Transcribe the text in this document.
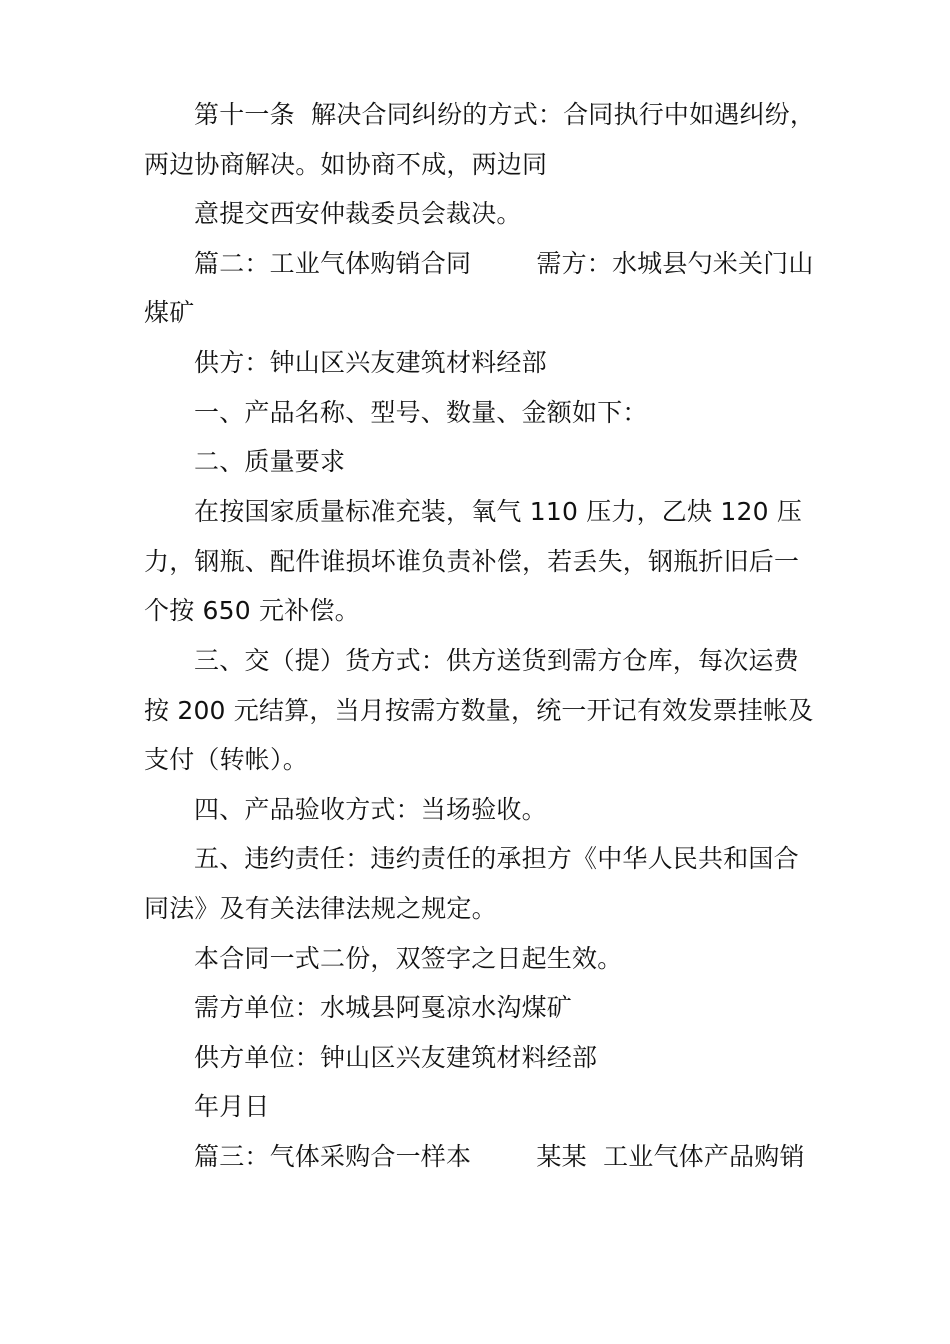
第十一条  解决合同纠纷的方式：合同执行中如遇纠纷，
两边协商解决。如协商不成，两边同
意提交西安仲裁委员会裁决。
篇二：工业气体购销合同        需方：水城县勺米关门山
煤矿
供方：钟山区兴友建筑材料经部
一、产品名称、型号、数量、金额如下：
二、质量要求
在按国家质量标准充装，氧气 110 压力，乙炔 120 压
力，钢瓶、配件谁损坏谁负责补偿，若丢失，钢瓶折旧后一
个按 650 元补偿。
三、交（提）货方式：供方送货到需方仓库，每次运费
按 200 元结算，当月按需方数量，统一开记有效发票挂帐及
支付（转帐）。
四、产品验收方式：当场验收。
五、违约责任：违约责任的承担方《中华人民共和国合
同法》及有关法律法规之规定。
本合同一式二份，双签字之日起生效。
需方单位：水城县阿戛凉水沟煤矿
供方单位：钟山区兴友建筑材料经部
年月日
篇三：气体采购合一样本        某某  工业气体产品购销
